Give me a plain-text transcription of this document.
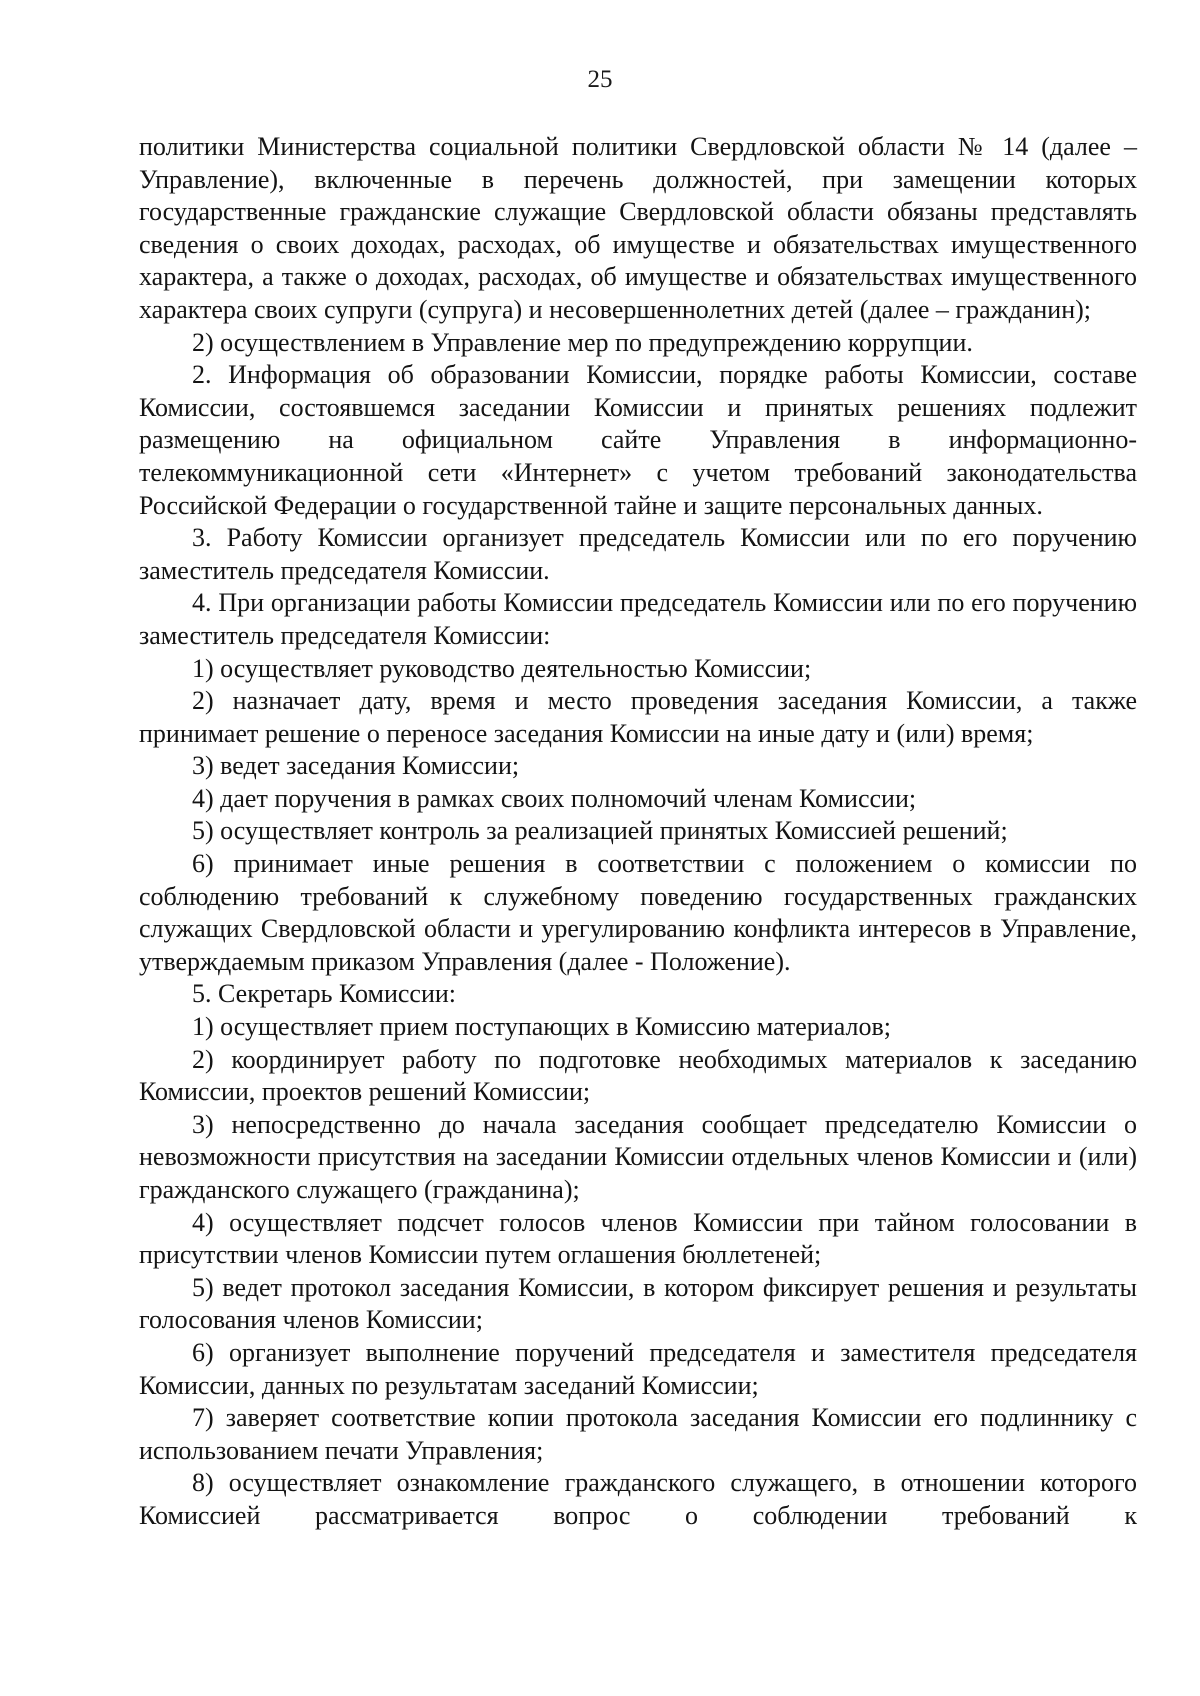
25

политики Министерства социальной политики Свердловской области № 14 (далее – Управление), включенные в перечень должностей, при замещении которых государственные гражданские служащие Свердловской области обязаны представлять сведения о своих доходах, расходах, об имуществе и обязательствах имущественного характера, а также о доходах, расходах, об имуществе и обязательствах имущественного характера своих супруги (супруга) и несовершеннолетних детей (далее – гражданин);

2) осуществлением в Управление мер по предупреждению коррупции.

2. Информация об образовании Комиссии, порядке работы Комиссии, составе Комиссии, состоявшемся заседании Комиссии и принятых решениях подлежит размещению на официальном сайте Управления в информационно-телекоммуникационной сети «Интернет» с учетом требований законодательства Российской Федерации о государственной тайне и защите персональных данных.

3. Работу Комиссии организует председатель Комиссии или по его поручению заместитель председателя Комиссии.

4. При организации работы Комиссии председатель Комиссии или по его поручению заместитель председателя Комиссии:

1) осуществляет руководство деятельностью Комиссии;

2) назначает дату, время и место проведения заседания Комиссии, а также принимает решение о переносе заседания Комиссии на иные дату и (или) время;

3) ведет заседания Комиссии;

4) дает поручения в рамках своих полномочий членам Комиссии;

5) осуществляет контроль за реализацией принятых Комиссией решений;

6) принимает иные решения в соответствии с положением о комиссии по соблюдению требований к служебному поведению государственных гражданских служащих Свердловской области и урегулированию конфликта интересов в Управление, утверждаемым приказом Управления (далее - Положение).

5. Секретарь Комиссии:

1) осуществляет прием поступающих в Комиссию материалов;

2) координирует работу по подготовке необходимых материалов к заседанию Комиссии, проектов решений Комиссии;

3) непосредственно до начала заседания сообщает председателю Комиссии о невозможности присутствия на заседании Комиссии отдельных членов Комиссии и (или) гражданского служащего (гражданина);

4) осуществляет подсчет голосов членов Комиссии при тайном голосовании в присутствии членов Комиссии путем оглашения бюллетеней;

5) ведет протокол заседания Комиссии, в котором фиксирует решения и результаты голосования членов Комиссии;

6) организует выполнение поручений председателя и заместителя председателя Комиссии, данных по результатам заседаний Комиссии;

7) заверяет соответствие копии протокола заседания Комиссии его подлиннику с использованием печати Управления;

8) осуществляет ознакомление гражданского служащего, в отношении которого Комиссией рассматривается вопрос о соблюдении требований к
